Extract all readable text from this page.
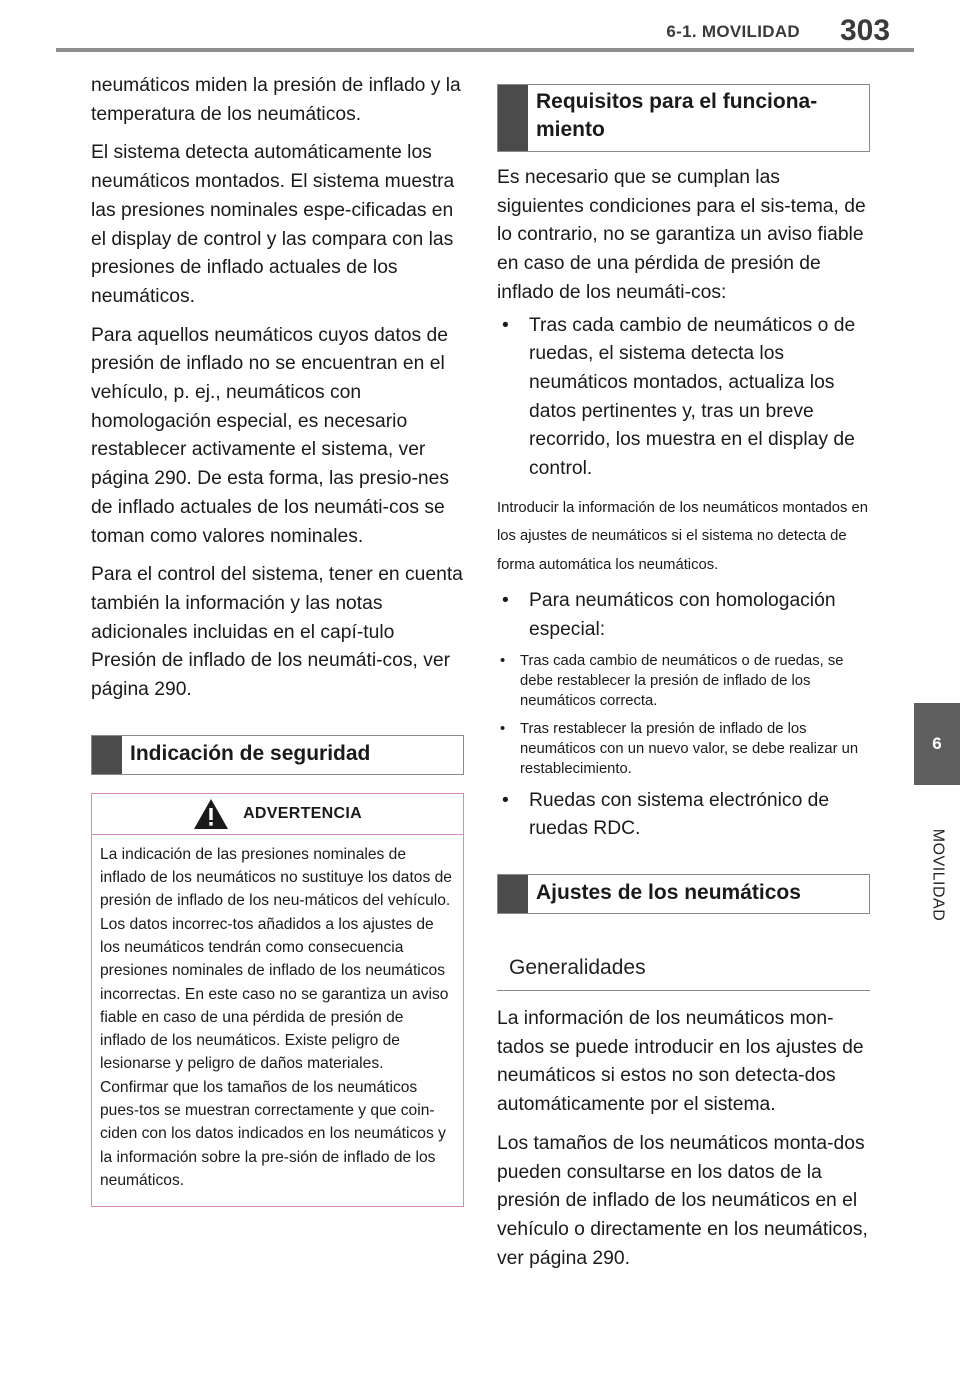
6-1. MOVILIDAD	303
6
MOVILIDAD

neumáticos miden la presión de inflado y la temperatura de los neumáticos.

El sistema detecta automáticamente los neumáticos montados. El sistema muestra las presiones nominales espe-cificadas en el display de control y las compara con las presiones de inflado actuales de los neumáticos.

Para aquellos neumáticos cuyos datos de presión de inflado no se encuentran en el vehículo, p. ej., neumáticos con homologación especial, es necesario restablecer activamente el sistema, ver página 290. De esta forma, las presio-nes de inflado actuales de los neumáti-cos se toman como valores nominales.

Para el control del sistema, tener en cuenta también la información y las notas adicionales incluidas en el capí-tulo Presión de inflado de los neumáti-cos, ver página 290.

Indicación de seguridad
ADVERTENCIA
La indicación de las presiones nominales de inflado de los neumáticos no sustituye los datos de presión de inflado de los neu-máticos del vehículo. Los datos incorrec-tos añadidos a los ajustes de los neumáticos tendrán como consecuencia presiones nominales de inflado de los neumáticos incorrectas. En este caso no se garantiza un aviso fiable en caso de una pérdida de presión de inflado de los neumáticos. Existe peligro de lesionarse y peligro de daños materiales. Confirmar que los tamaños de los neumáticos pues-tos se muestran correctamente y que coin-ciden con los datos indicados en los neumáticos y la información sobre la pre-sión de inflado de los neumáticos.
Requisitos para el funciona-miento

Es necesario que se cumplan las siguientes condiciones para el sis-tema, de lo contrario, no se garantiza un aviso fiable en caso de una pérdida de presión de inflado de los neumáti-cos:

•	Tras cada cambio de neumáticos o de ruedas, el sistema detecta los neumáticos montados, actualiza los datos pertinentes y, tras un breve recorrido, los muestra en el display de control.
Introducir la información de los neumáticos montados en los ajustes de neumáticos si el sistema no detecta de forma automática los neumáticos.
•	Para neumáticos con homologación especial:
•	Tras cada cambio de neumáticos o de ruedas, se debe restablecer la presión de inflado de los neumáticos correcta.
•	Tras restablecer la presión de inflado de los neumáticos con un nuevo valor, se debe realizar un restablecimiento.
•	Ruedas con sistema electrónico de ruedas RDC.
Ajustes de los neumáticos
Generalidades

La información de los neumáticos mon-tados se puede introducir en los ajustes de neumáticos si estos no son detecta-dos automáticamente por el sistema.

Los tamaños de los neumáticos monta-dos pueden consultarse en los datos de la presión de inflado de los neumáticos en el vehículo o directamente en los neumáticos, ver página 290.
